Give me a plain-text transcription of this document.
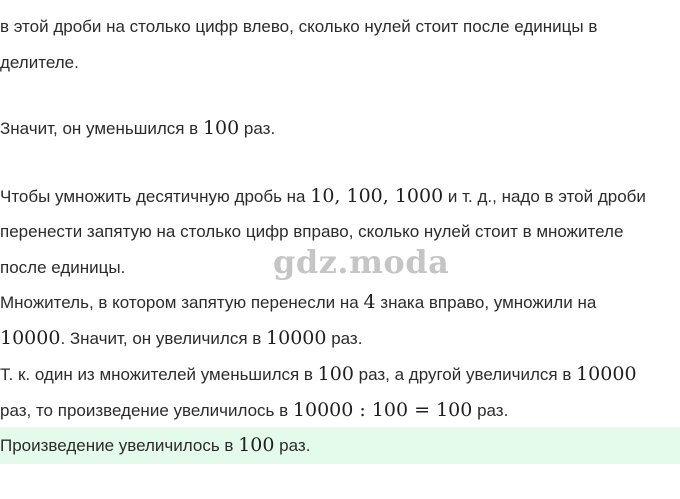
в этой дроби на столько цифр влево, сколько нулей стоит после единицы в
делителе.
Значит, он уменьшился в 100 раз.
Чтобы умножить десятичную дробь на 10, 100, 1000 и т. д., надо в этой дроби
перенести запятую на столько цифр вправо, сколько нулей стоит в множителе
после единицы.
Множитель, в котором запятую перенесли на 4 знака вправо, умножили на
10000. Значит, он увеличился в 10000 раз.
Т. к. один из множителей уменьшился в 100 раз, а другой увеличился в 10000
раз, то произведение увеличилось в 10000 : 100 = 100 раз.
Произведение увеличилось в 100 раз.
gdz.moda
